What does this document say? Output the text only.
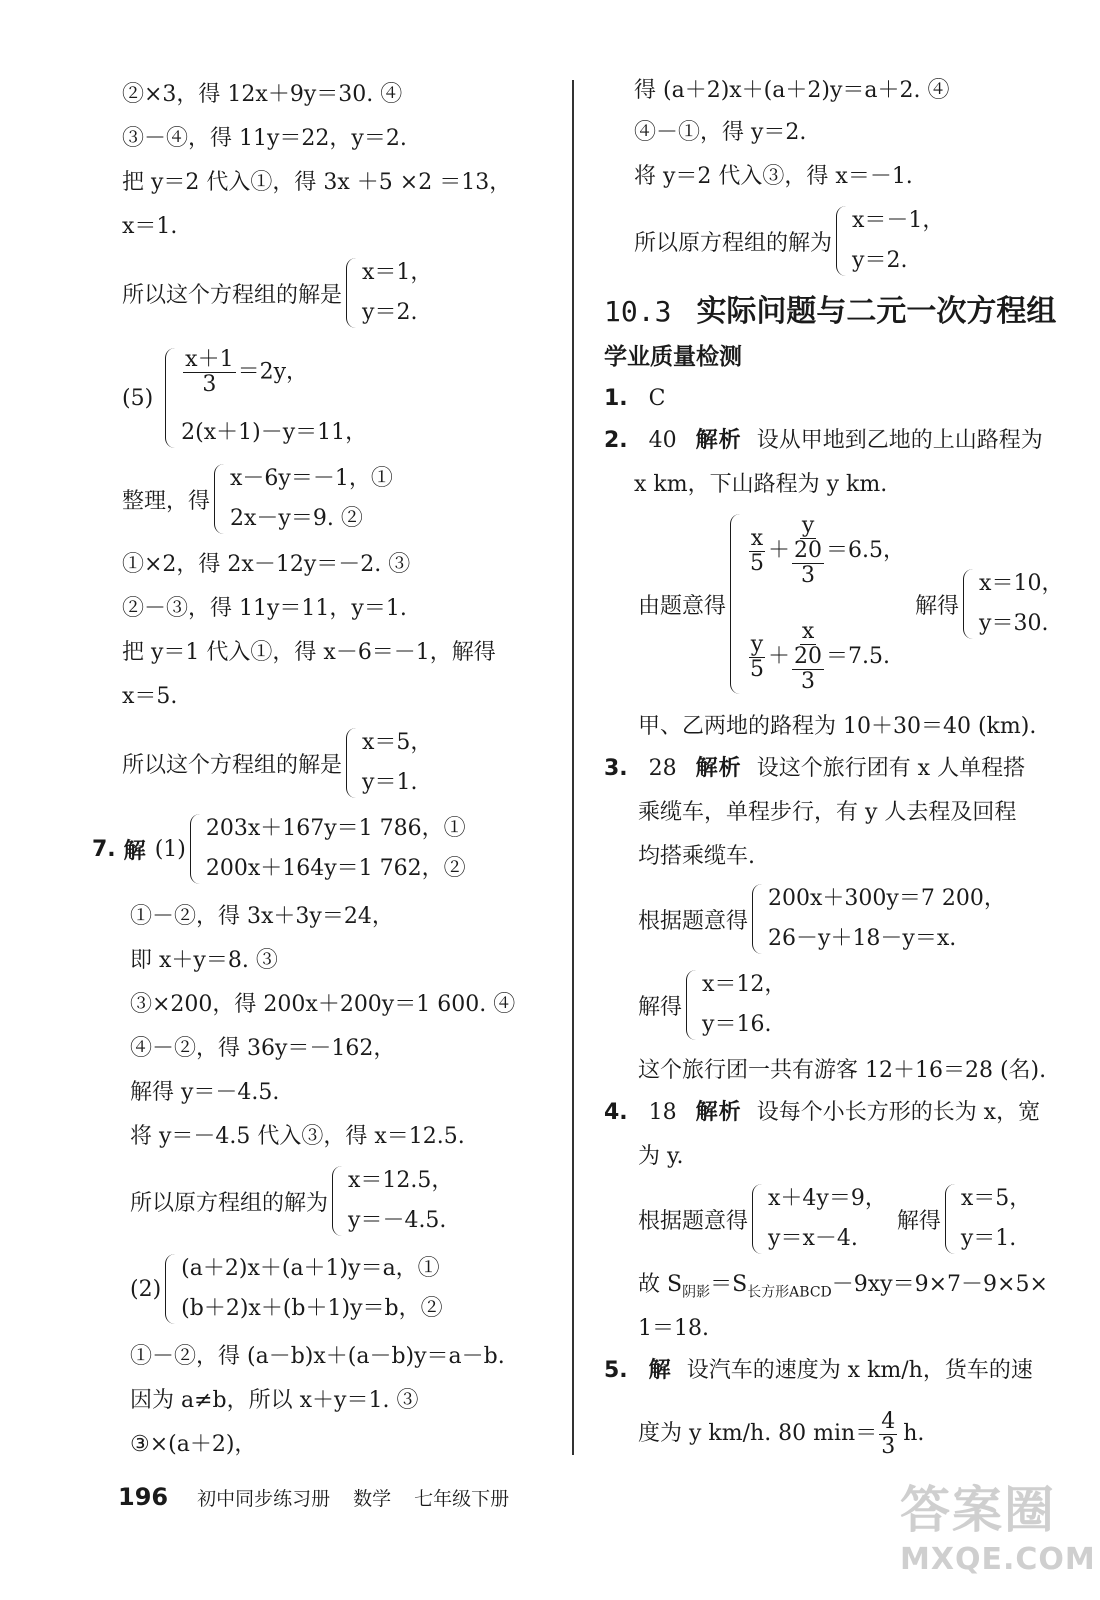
②×3，得 12x＋9y＝30. ④
③－④，得 11y＝22，y＝2.
把 y＝2 代入①，得 3x ＋5 ×2 ＝13，
x＝1.
所以这个方程组的解是
x＝1，
y＝2.
(5)
$\frac{x+1}{3} =2y$，
2(x＋1)－y＝11，
整理，得
x－6y＝－1，①
2x－y＝9. ②
①×2，得 2x－12y＝－2. ③
②－③，得 11y＝11，y＝1.
把 y＝1 代入①，得 x－6＝－1，解得
x＝5.
所以这个方程组的解是
x＝5，
y＝1.
7. 解 (1)
203x＋167y＝1 786，①
200x＋164y＝1 762，②
①－②，得 3x＋3y＝24，
即 x＋y＝8. ③
③×200，得 200x＋200y＝1 600. ④
④－②，得 36y＝－162，
解得 y＝－4.5.
将 y＝－4.5 代入③，得 x＝12.5.
所以原方程组的解为
x＝12.5，
y＝－4.5.
(2)
(a＋2)x＋(a＋1)y＝a，①
(b＋2)x＋(b＋1)y＝b，②
①－②，得 (a－b)x＋(a－b)y＝a－b.
因为 a≠b，所以 x＋y＝1. ③
③×(a＋2)，
得 (a＋2)x＋(a＋2)y＝a＋2. ④
④－①，得 y＝2.
将 y＝2 代入③，得 x＝－1.
所以原方程组的解为
x＝－1，
y＝2.
10.3 实际问题与二元一次方程组
学业质量检测
1. C
2. 40 解析 设从甲地到乙地的上山路程为
x km，下山路程为 y km.
由题意得
$\frac{x}{5}$ ＋
y
20
3
＝6.5，
$\frac{y}{5}$ ＋
x
20
3
＝7.5.
解得
x＝10，
y＝30.
甲、乙两地的路程为 10＋30＝40 (km).
3. 28 解析 设这个旅行团有 x 人单程搭
乘缆车，单程步行，有 y 人去程及回程
均搭乘缆车.
根据题意得
200x＋300y＝7 200，
26－y＋18－y＝x.
解得
x＝12，
y＝16.
这个旅行团一共有游客 12＋16＝28 (名).
4. 18 解析 设每个小长方形的长为 x，宽
为 y.
根据题意得
x＋4y＝9，
y＝x－4.
解得
x＝5，
y＝1.
故 $S_{阴影}=S_{长方形ABCD}-9xy=9\times 7-9\times 5\times$
1＝18.
5. 解 设汽车的速度为 x km/h，货车的速
度为 y km/h. 80 $\min= \frac{4}{3} h$.
196 初中同步练习册 数学 七年级下册	答案圈
MXQE.COM
